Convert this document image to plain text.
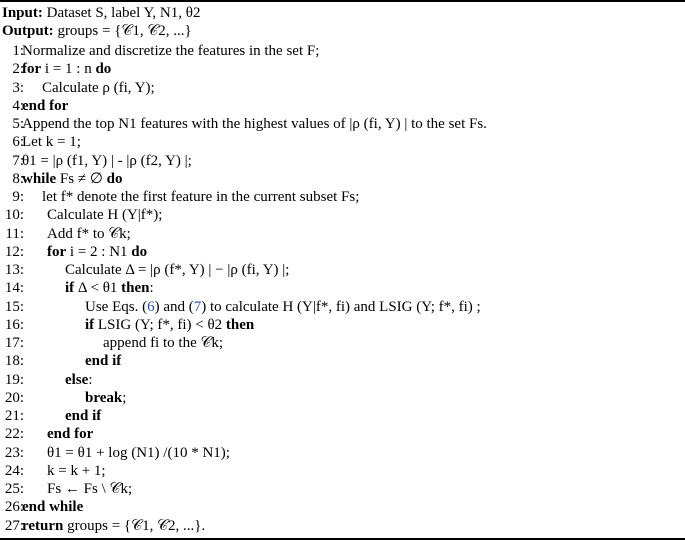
Input: Dataset S, label Y, N1, θ2
Output: groups = {𝒞1, 𝒞2, ...}
1:
Normalize and discretize the features in the set F;
2:
for i = 1 : n do
3: Calculate ρ (fi, Y);
4:
end for
5:
Append the top N1 features with the highest values of |ρ (fi, Y) | to the set Fs.
6:
Let k = 1;
7:
θ1 = |ρ (f1, Y) | - |ρ (f2, Y) |;
8:
while Fs ≠ ∅ do
9: let f* denote the first feature in the current subset Fs;
10: Calculate H (Y|f*);
11: Add f* to 𝒞k;
12: for i = 2 : N1 do
13:	Calculate Δ = |ρ (f*, Y) | − |ρ (fi, Y) |;
14:	if Δ < θ1 then:
15:	Use Eqs. (6) and (7) to calculate H (Y|f*, fi) and LSIG (Y; f*, fi) ;
16:	if LSIG (Y; f*, fi) < θ2 then
17:	append fi to the 𝒞k;
18:	end if
19:	else:
20:	break;
21:	end if
22: end for
23: θ1 = θ1 + log (N1) /(10 * N1);
24: k = k + 1;
25: Fs ← Fs \ 𝒞k;
26:
end while
27:
return groups = {𝒞1, 𝒞2, ...}.
